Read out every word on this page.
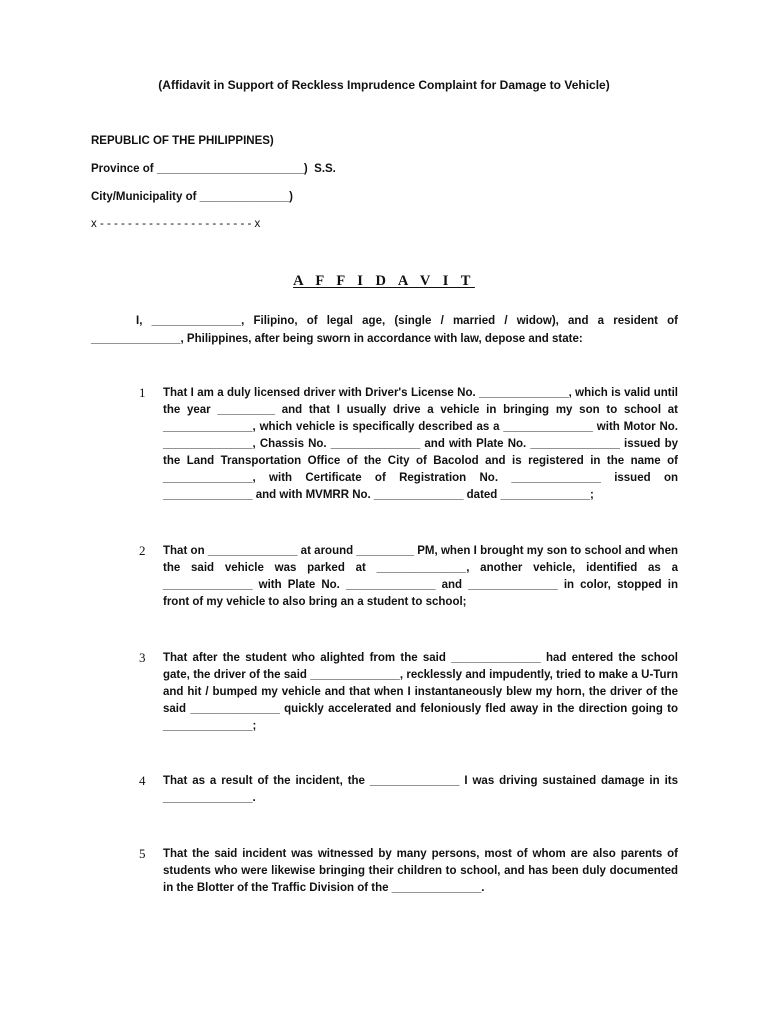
(Affidavit in Support of Reckless Imprudence Complaint for Damage to Vehicle)
REPUBLIC OF THE PHILIPPINES)
Province of _______________________)  S.S.
City/Municipality of ______________)
x - - - - - - - - - - - - - - - - - - - - - - x
A F F I D A V I T
I, ______________, Filipino, of legal age, (single / married / widow), and a resident of ______________, Philippines, after being sworn in accordance with law, depose and state:
1 That I am a duly licensed driver with Driver's License No. ______________, which is valid until the year _________ and that I usually drive a vehicle in bringing my son to school at ______________, which vehicle is specifically described as a ______________ with Motor No. ______________, Chassis No. ______________ and with Plate No. ______________ issued by the Land Transportation Office of the City of Bacolod and is registered in the name of ______________, with Certificate of Registration No. ______________ issued on ______________ and with MVMRR No. ______________ dated ______________;
2 That on ______________ at around _________ PM, when I brought my son to school and when the said vehicle was parked at ______________, another vehicle, identified as a ______________ with Plate No. ______________ and ______________ in color, stopped in front of my vehicle to also bring an a student to school;
3 That after the student who alighted from the said ______________ had entered the school gate, the driver of the said ______________, recklessly and impudently, tried to make a U-Turn and hit / bumped my vehicle and that when I instantaneously blew my horn, the driver of the said ______________ quickly accelerated and feloniously fled away in the direction going to ______________;
4 That as a result of the incident, the ______________ I was driving sustained damage in its ______________.
5 That the said incident was witnessed by many persons, most of whom are also parents of students who were likewise bringing their children to school, and has been duly documented in the Blotter of the Traffic Division of the ______________.
